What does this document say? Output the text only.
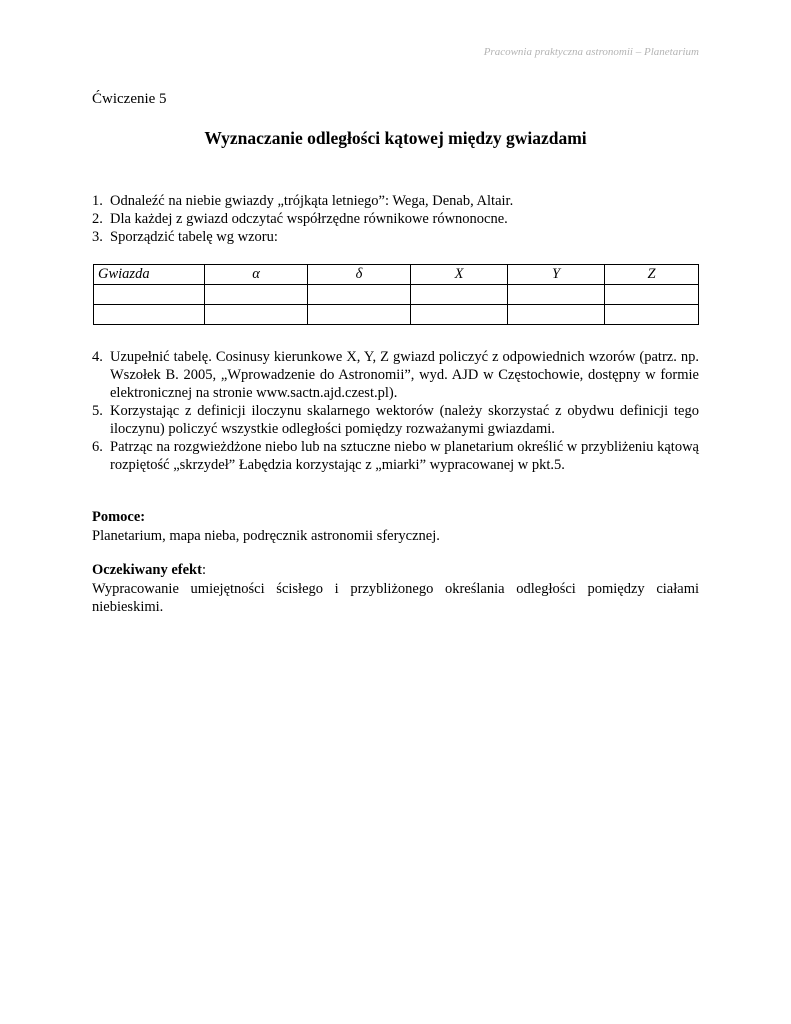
Pracownia praktyczna astronomii – Planetarium
Ćwiczenie 5
Wyznaczanie odległości kątowej między gwiazdami
1. Odnaleźć na niebie gwiazdy „trójkąta letniego”: Wega, Denab, Altair.
2. Dla każdej z gwiazd odczytać współrzędne równikowe równonocne.
3. Sporządzić tabelę wg wzoru:
Gwiazda	α	δ	X	Y	Z

4. Uzupełnić tabelę. Cosinusy kierunkowe X, Y, Z gwiazd policzyć z odpowiednich wzorów (patrz. np. Wszołek B. 2005, „Wprowadzenie do Astronomii”, wyd. AJD w Częstochowie, dostępny w formie elektronicznej na stronie www.sactn.ajd.czest.pl).
5. Korzystając z definicji iloczynu skalarnego wektorów (należy skorzystać z obydwu definicji tego iloczynu) policzyć wszystkie odległości pomiędzy rozważanymi gwiazdami.
6. Patrząc na rozgwieżdżone niebo lub na sztuczne niebo w planetarium określić w przybliżeniu kątową rozpiętość „skrzydeł” Łabędzia korzystając z „miarki” wypracowanej w pkt.5.
Pomoce:
Planetarium, mapa nieba, podręcznik astronomii sferycznej.
Oczekiwany efekt:
Wypracowanie umiejętności ścisłego i przybliżonego określania odległości pomiędzy ciałami niebieskimi.
